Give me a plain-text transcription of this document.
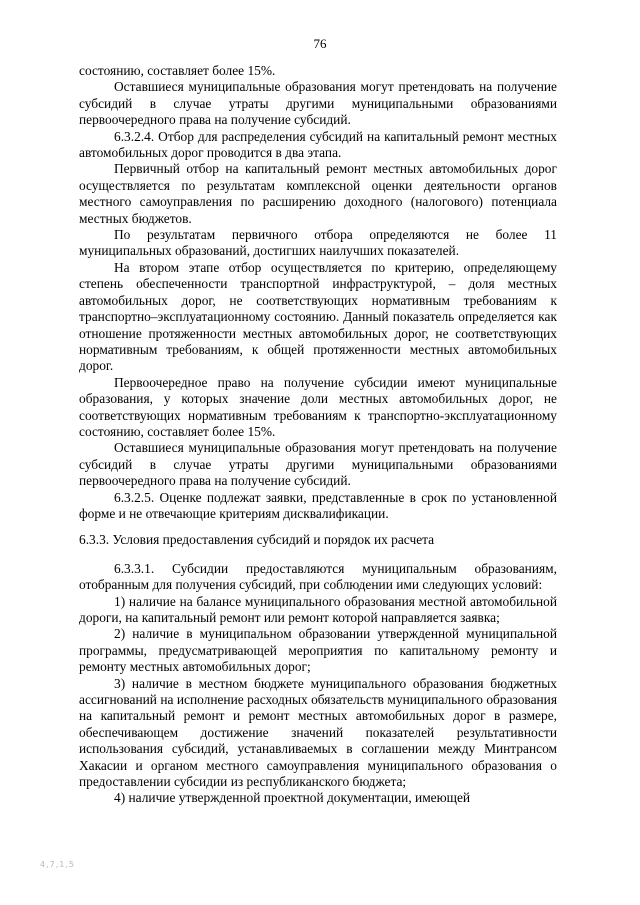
76

состоянию, составляет более 15%.

Оставшиеся муниципальные образования могут претендовать на получение субсидий в случае утраты другими муниципальными образованиями первоочередного права на получение субсидий.

6.3.2.4. Отбор для распределения субсидий на капитальный ремонт местных автомобильных дорог проводится в два этапа.

Первичный отбор на капитальный ремонт местных автомобильных дорог осуществляется по результатам комплексной оценки деятельности органов местного самоуправления по расширению доходного (налогового) потенциала местных бюджетов.

По результатам первичного отбора определяются не более 11 муниципальных образований, достигших наилучших показателей.

На втором этапе отбор осуществляется по критерию, определяющему степень обеспеченности транспортной инфраструктурой, – доля местных автомобильных дорог, не соответствующих нормативным требованиям к транспортно–эксплуатационному состоянию. Данный показатель определяется как отношение протяженности местных автомобильных дорог, не соответствующих нормативным требованиям, к общей протяженности местных автомобильных дорог.

Первоочередное право на получение субсидии имеют муниципальные образования, у которых значение доли местных автомобильных дорог, не соответствующих нормативным требованиям к транспортно-эксплуатационному состоянию, составляет более 15%.

Оставшиеся муниципальные образования могут претендовать на получение субсидий в случае утраты другими муниципальными образованиями первоочередного права на получение субсидий.

6.3.2.5. Оценке подлежат заявки, представленные в срок по установленной форме и не отвечающие критериям дисквалификации.

6.3.3. Условия предоставления субсидий и порядок их расчета

6.3.3.1. Субсидии предоставляются муниципальным образованиям, отобранным для получения субсидий, при соблюдении ими следующих условий:

1) наличие на балансе муниципального образования местной автомобильной дороги, на капитальный ремонт или ремонт которой направляется заявка;

2) наличие в муниципальном образовании утвержденной муниципальной программы, предусматривающей мероприятия по капитальному ремонту и ремонту местных автомобильных дорог;

3) наличие в местном бюджете муниципального образования бюджетных ассигнований на исполнение расходных обязательств муниципального образования на капитальный ремонт и ремонт местных автомобильных дорог в размере, обеспечивающем достижение значений показателей результативности использования субсидий, устанавливаемых в соглашении между Минтрансом Хакасии и органом местного самоуправления муниципального образования о предоставлении субсидии из республиканского бюджета;

4) наличие утвержденной проектной документации, имеющей

4,7,1,5
